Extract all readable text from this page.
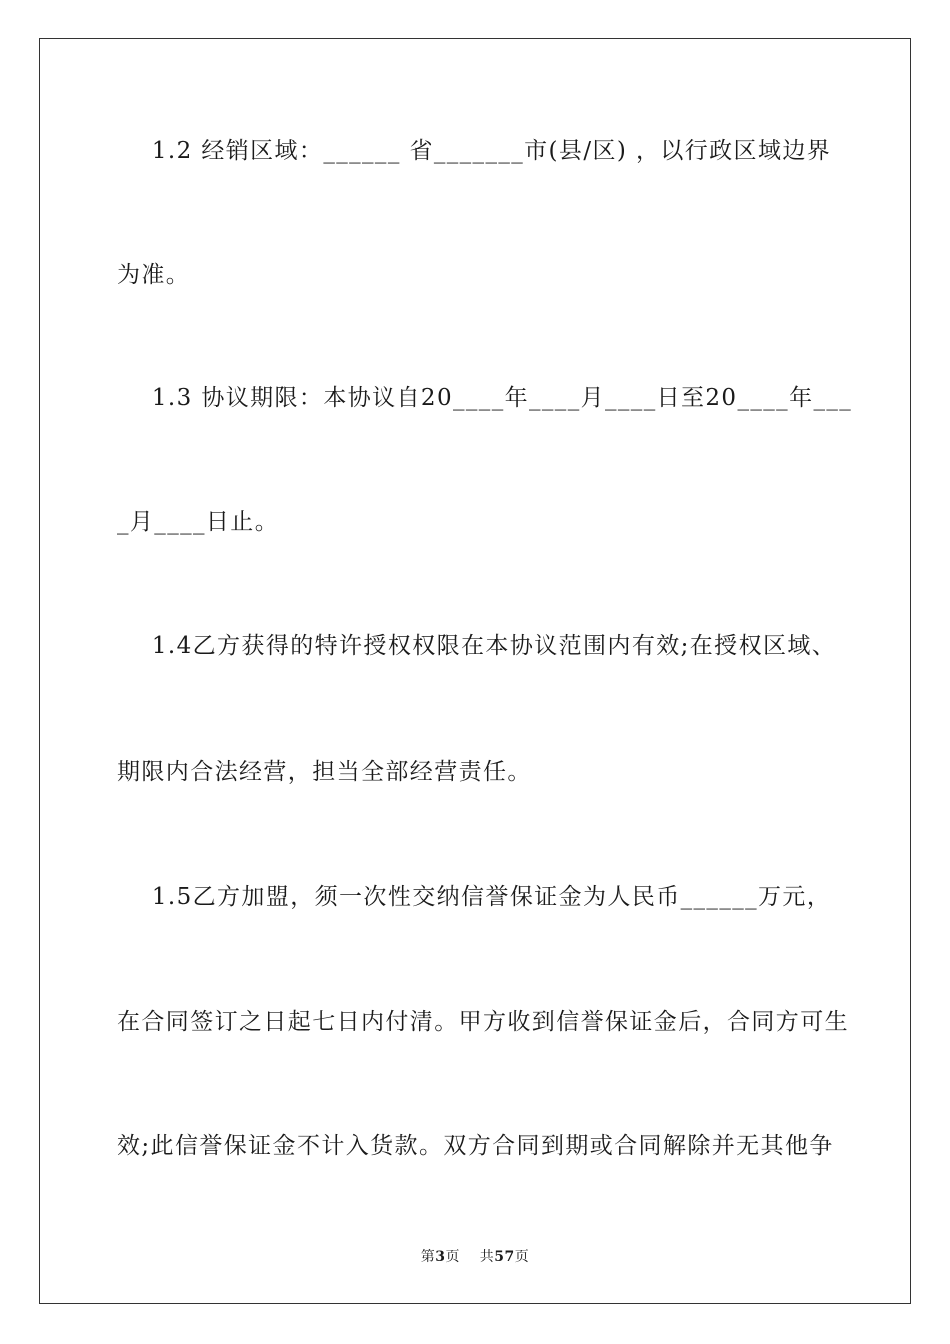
1.2 经销区域：______ 省_______市(县/区) ，以行政区域边界
为准。
1.3 协议期限：本协议自20____年____月____日至20____年___
_月____日止。
1.4乙方获得的特许授权权限在本协议范围内有效;在授权区域、
期限内合法经营，担当全部经营责任。
1.5乙方加盟，须一次性交纳信誉保证金为人民币______万元，
在合同签订之日起七日内付清。甲方收到信誉保证金后，合同方可生
效;此信誉保证金不计入货款。双方合同到期或合同解除并无其他争
第3页 共57页
